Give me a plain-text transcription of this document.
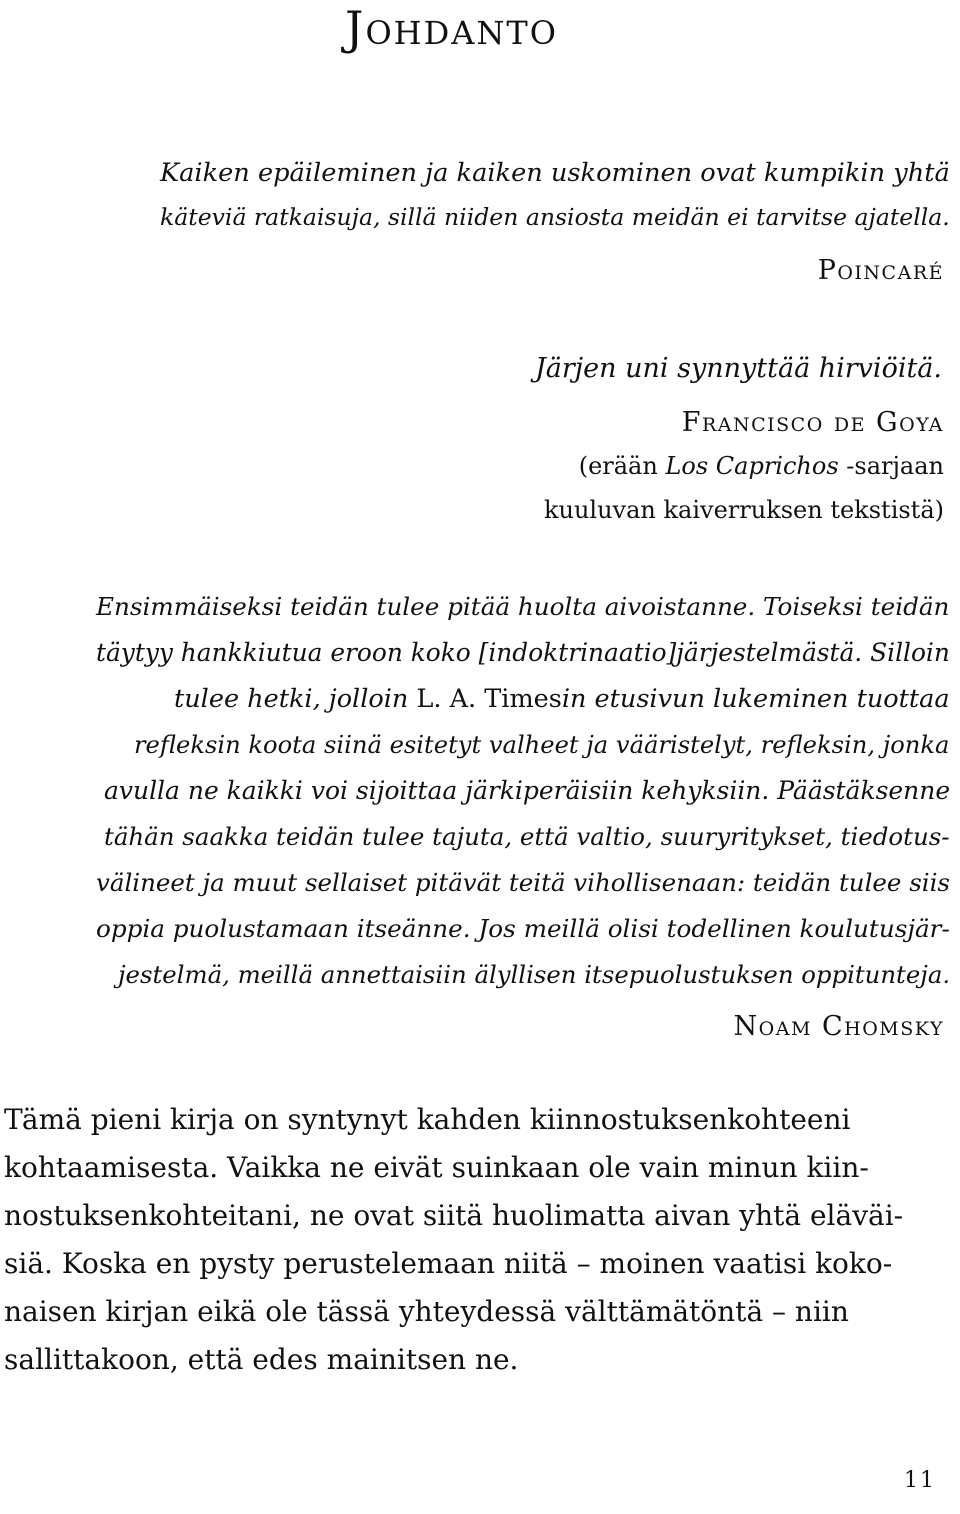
Johdanto

Kaiken epäileminen ja kaiken uskominen ovat kumpikin yhtä

käteviä ratkaisuja, sillä niiden ansiosta meidän ei tarvitse ajatella.

Poincaré

Järjen uni synnyttää hirviöitä.

Francisco de Goya

(erään Los Caprichos -sarjaan

kuuluvan kaiverruksen tekstistä)

Ensimmäiseksi teidän tulee pitää huolta aivoistanne. Toiseksi teidän

täytyy hankkiutua eroon koko [indoktrinaatio]järjestelmästä. Silloin

tulee hetki, jolloin L. A. Timesin etusivun lukeminen tuottaa

refleksin koota siinä esitetyt valheet ja vääristelyt, refleksin, jonka

avulla ne kaikki voi sijoittaa järkiperäisiin kehyksiin. Päästäksenne

tähän saakka teidän tulee tajuta, että valtio, suuryritykset, tiedotus-

välineet ja muut sellaiset pitävät teitä vihollisenaan: teidän tulee siis

oppia puolustamaan itseänne. Jos meillä olisi todellinen koulutusjär-

jestelmä, meillä annettaisiin älyllisen itsepuolustuksen oppitunteja.

Noam Chomsky

Tämä pieni kirja on syntynyt kahden kiinnostuksenkohteeni

kohtaamisesta. Vaikka ne eivät suinkaan ole vain minun kiin-

nostuksenkohteitani, ne ovat siitä huolimatta aivan yhtä eläväi-

siä. Koska en pysty perustelemaan niitä – moinen vaatisi koko-

naisen kirjan eikä ole tässä yhteydessä välttämätöntä – niin

sallittakoon, että edes mainitsen ne.

11
